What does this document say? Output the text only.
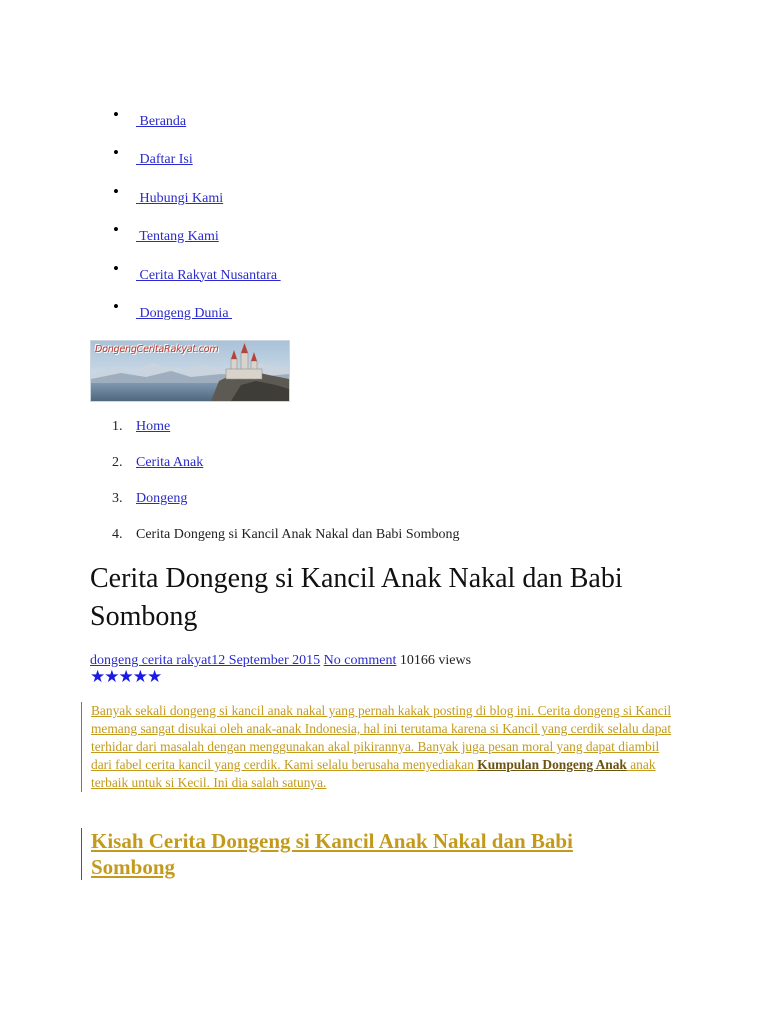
• Beranda
• Daftar Isi
• Hubungi Kami
• Tentang Kami
• Cerita Rakyat Nusantara
• Dongeng Dunia
DongengCeritaRakyat.com
1. Home
2. Cerita Anak
3. Dongeng
4. Cerita Dongeng si Kancil Anak Nakal dan Babi Sombong
Cerita Dongeng si Kancil Anak Nakal dan Babi Sombong
dongeng cerita rakyat12 September 2015 No comment 10166 views
★★★★★
Banyak sekali dongeng si kancil anak nakal yang pernah kakak posting di blog ini. Cerita dongeng si Kancil memang sangat disukai oleh anak-anak Indonesia, hal ini terutama karena si Kancil yang cerdik selalu dapat terhidar dari masalah dengan menggunakan akal pikirannya. Banyak juga pesan moral yang dapat diambil dari fabel cerita kancil yang cerdik. Kami selalu berusaha menyediakan Kumpulan Dongeng Anak anak terbaik untuk si Kecil. Ini dia salah satunya.
Kisah Cerita Dongeng si Kancil Anak Nakal dan Babi Sombong
